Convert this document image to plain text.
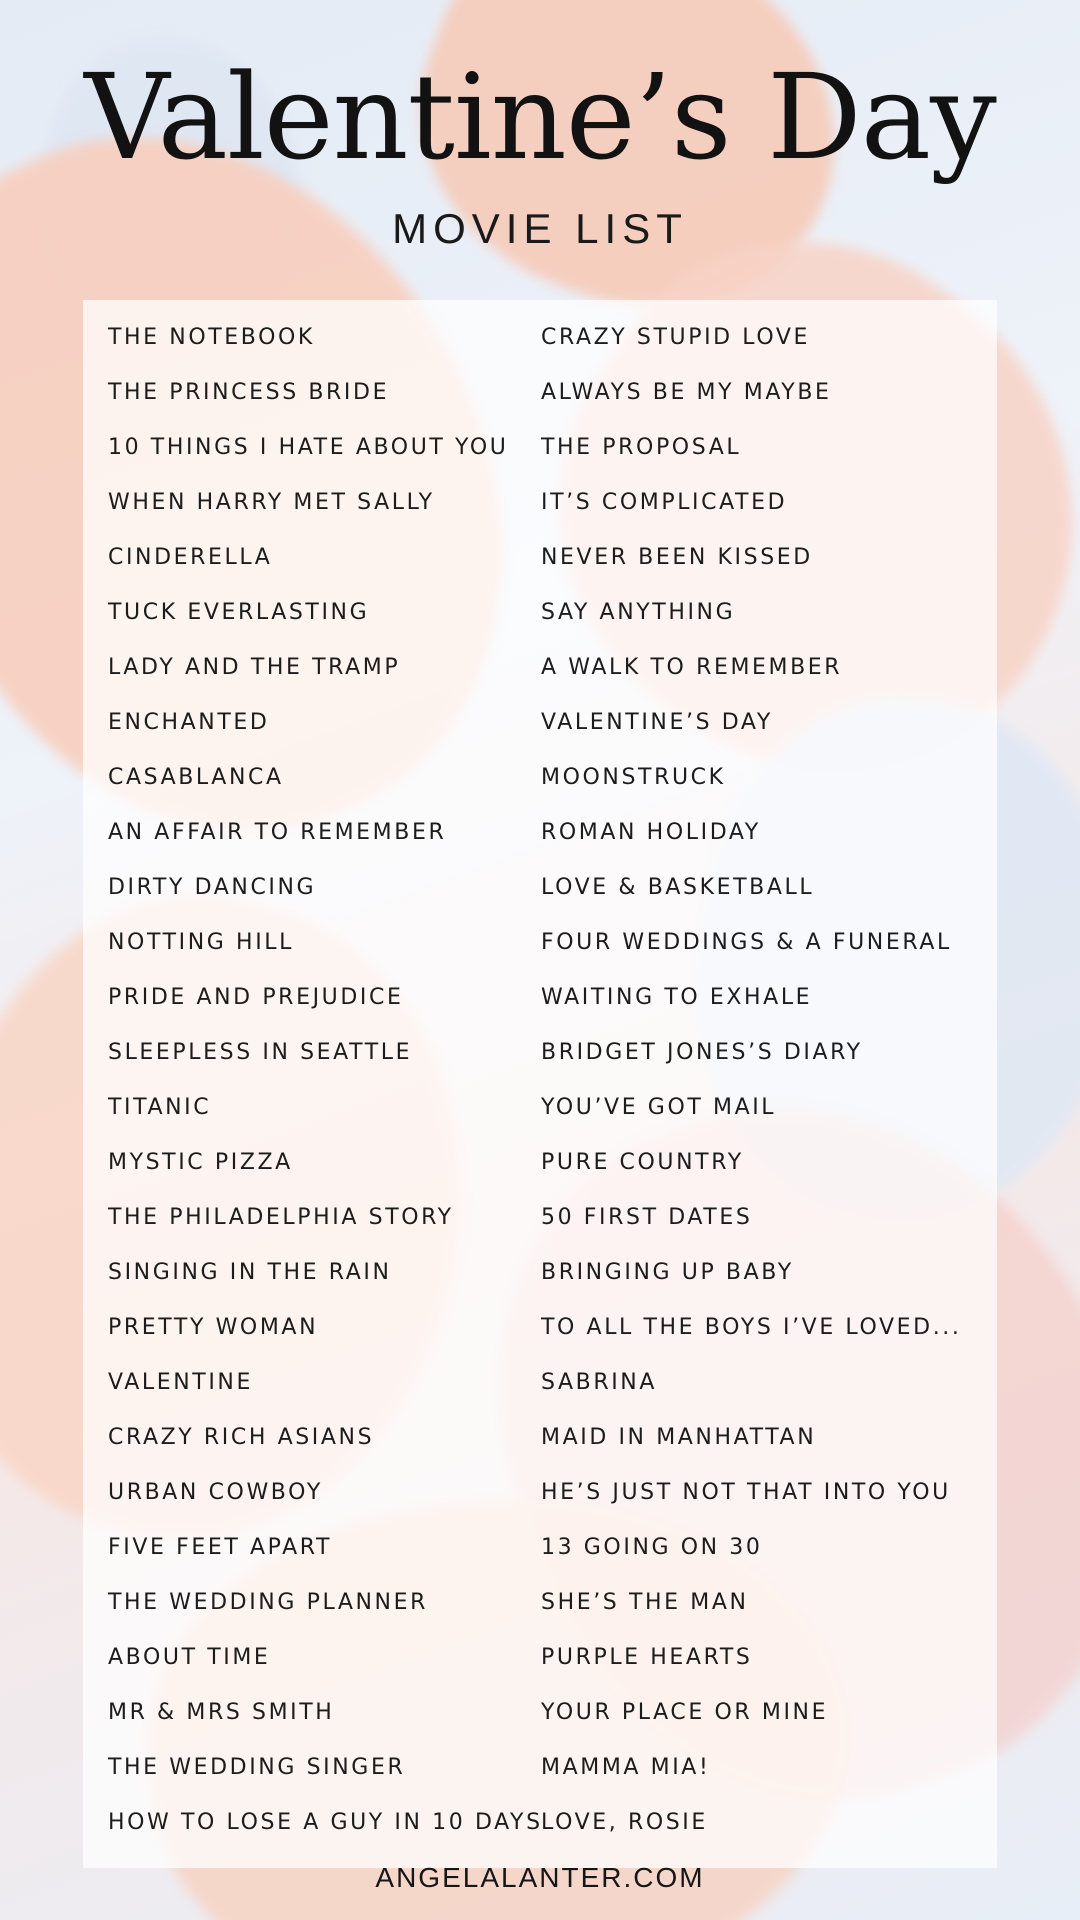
Valentine’s Day
MOVIE LIST
THE NOTEBOOK
THE PRINCESS BRIDE
10 THINGS I HATE ABOUT YOU
WHEN HARRY MET SALLY
CINDERELLA
TUCK EVERLASTING
LADY AND THE TRAMP
ENCHANTED
CASABLANCA
AN AFFAIR TO REMEMBER
DIRTY DANCING
NOTTING HILL
PRIDE AND PREJUDICE
SLEEPLESS IN SEATTLE
TITANIC
MYSTIC PIZZA
THE PHILADELPHIA STORY
SINGING IN THE RAIN
PRETTY WOMAN
VALENTINE
CRAZY RICH ASIANS
URBAN COWBOY
FIVE FEET APART
THE WEDDING PLANNER
ABOUT TIME
MR & MRS SMITH
THE WEDDING SINGER
HOW TO LOSE A GUY IN 10 DAYS
CRAZY STUPID LOVE
ALWAYS BE MY MAYBE
THE PROPOSAL
IT’S COMPLICATED
NEVER BEEN KISSED
SAY ANYTHING
A WALK TO REMEMBER
VALENTINE’S DAY
MOONSTRUCK
ROMAN HOLIDAY
LOVE & BASKETBALL
FOUR WEDDINGS & A FUNERAL
WAITING TO EXHALE
BRIDGET JONES’S DIARY
YOU’VE GOT MAIL
PURE COUNTRY
50 FIRST DATES
BRINGING UP BABY
TO ALL THE BOYS I’VE LOVED...
SABRINA
MAID IN MANHATTAN
HE’S JUST NOT THAT INTO YOU
13 GOING ON 30
SHE’S THE MAN
PURPLE HEARTS
YOUR PLACE OR MINE
MAMMA MIA!
LOVE, ROSIE
ANGELALANTER.COM
